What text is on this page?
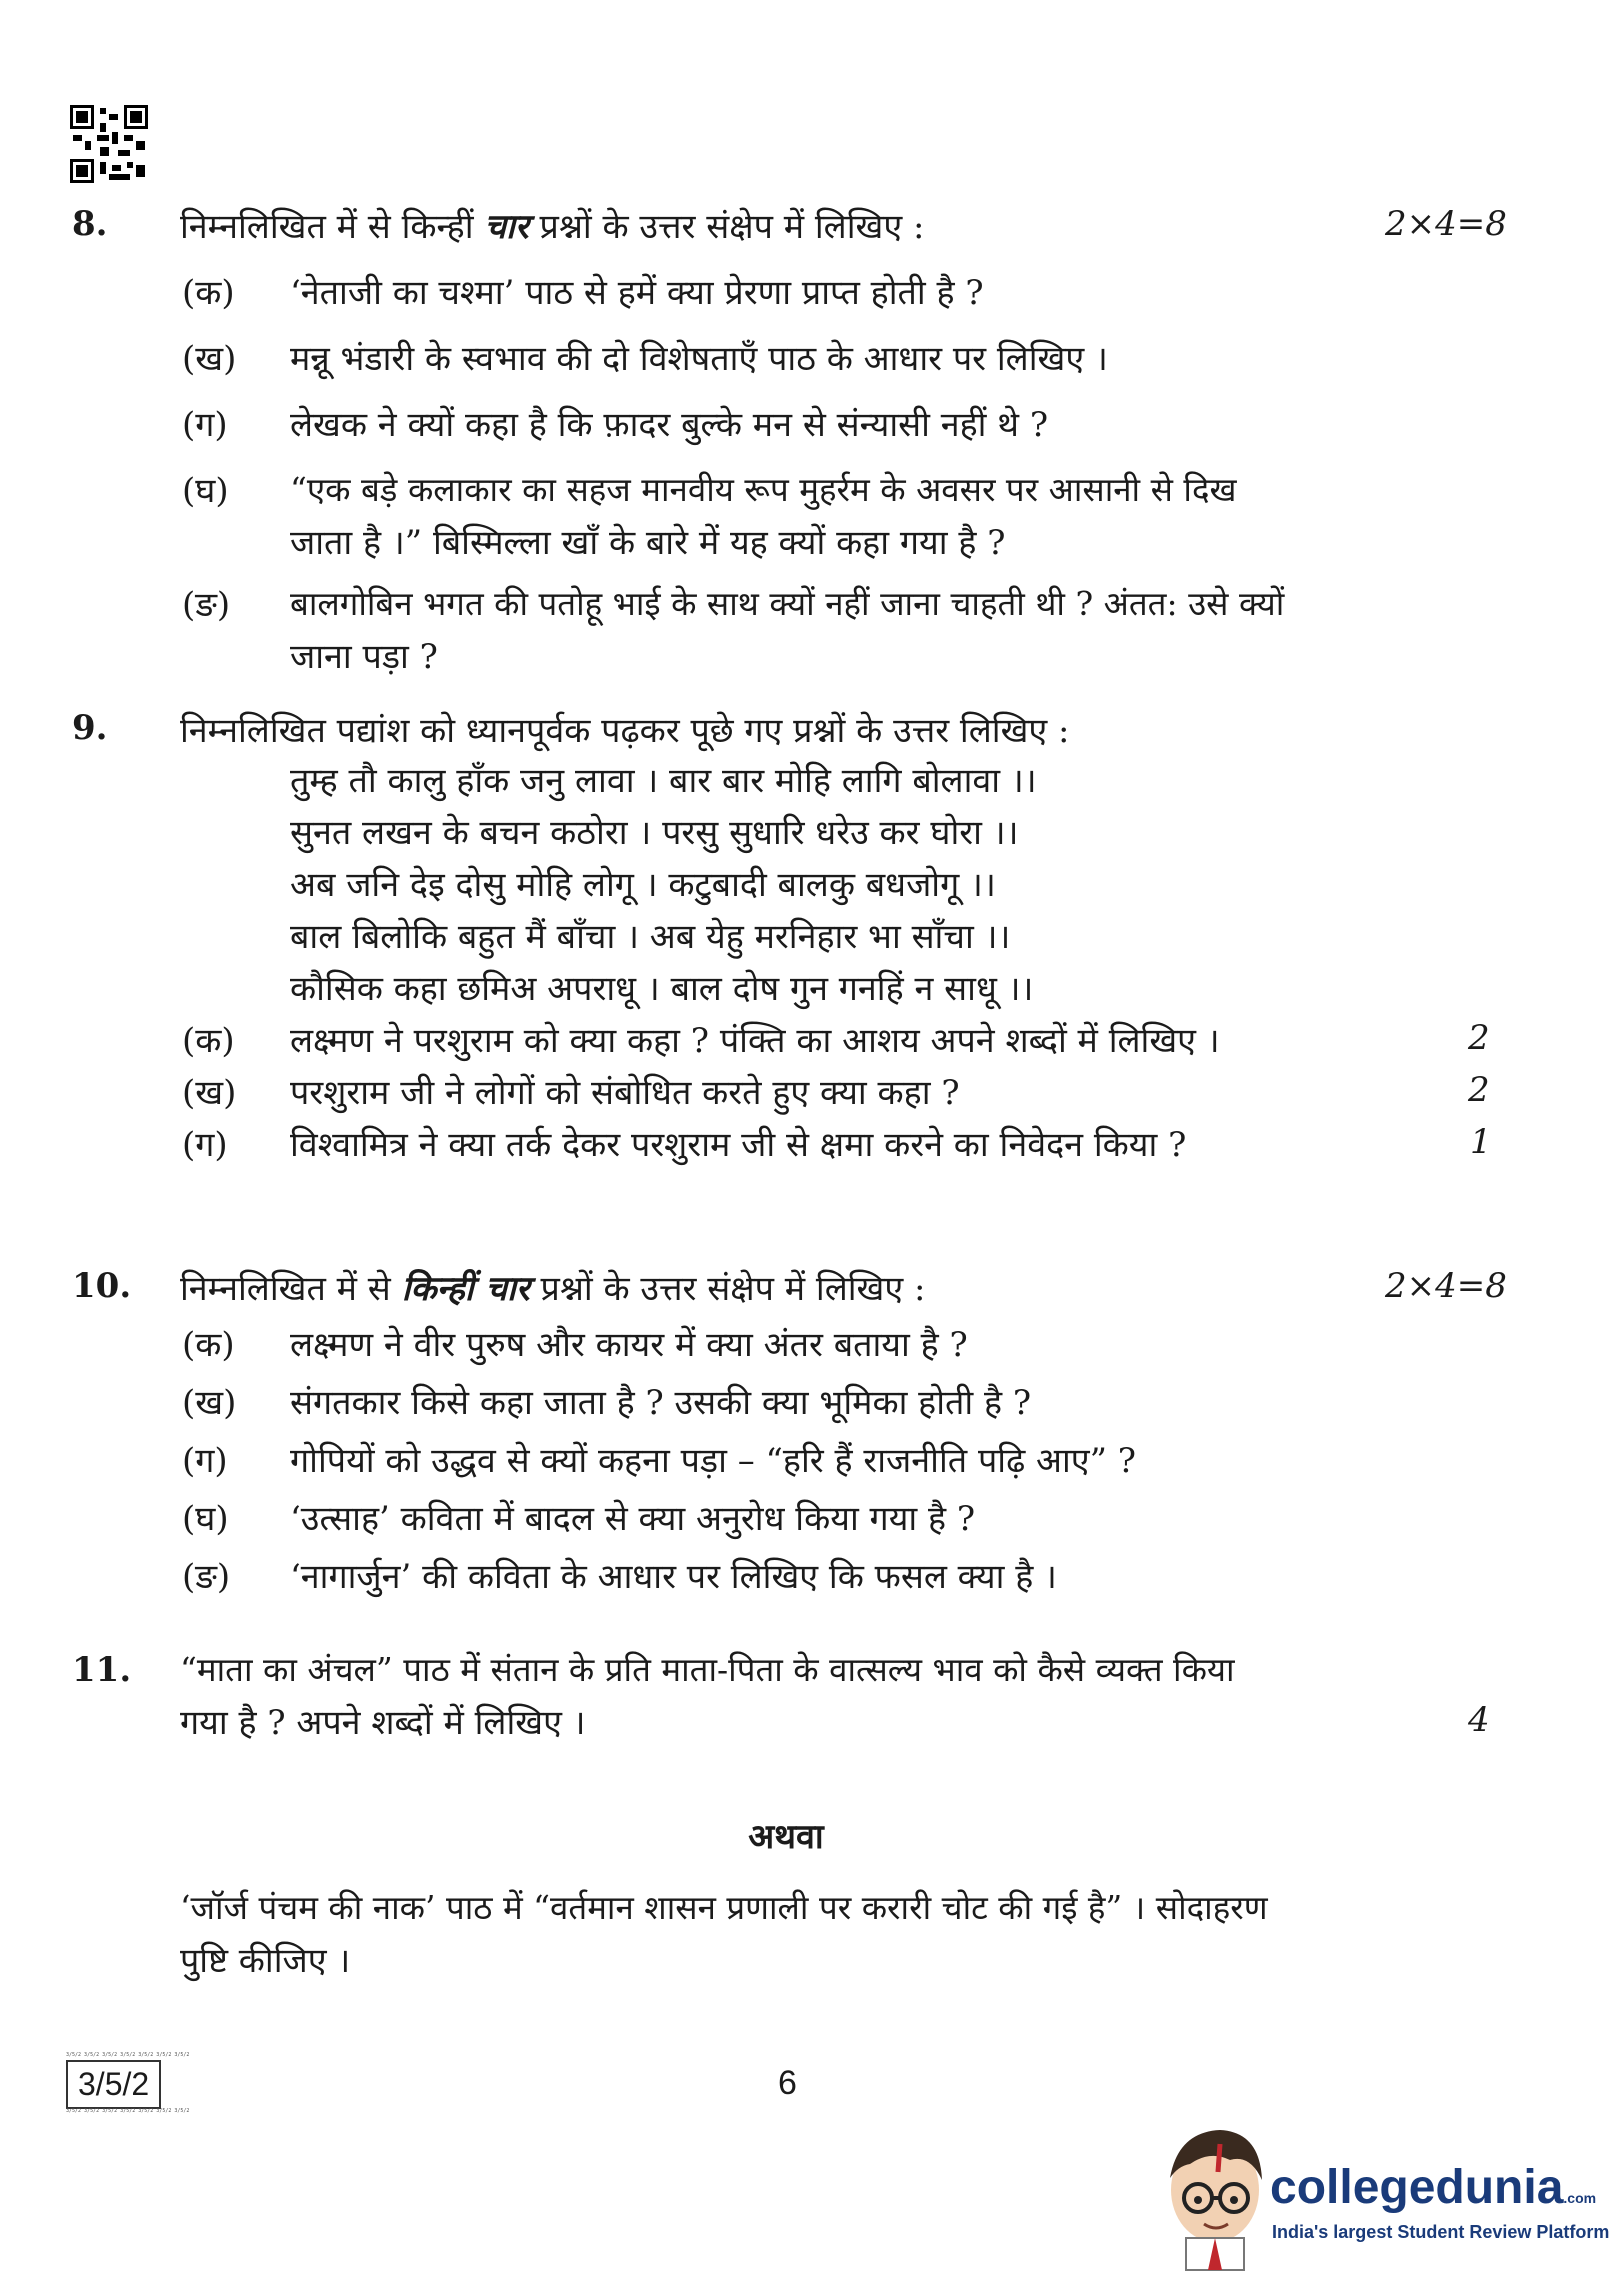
8. निम्नलिखित में से किन्हीं चार प्रश्नों के उत्तर संक्षेप में लिखिए :	2×4=8
(क) ‘नेताजी का चश्मा’ पाठ से हमें क्या प्रेरणा प्राप्त होती है ?
(ख) मन्नू भंडारी के स्वभाव की दो विशेषताएँ पाठ के आधार पर लिखिए ।
(ग) लेखक ने क्यों कहा है कि फ़ादर बुल्के मन से संन्यासी नहीं थे ?
(घ) “एक बड़े कलाकार का सहज मानवीय रूप मुहर्रम के अवसर पर आसानी से दिख
जाता है ।” बिस्मिल्ला खाँ के बारे में यह क्यों कहा गया है ?
(ङ) बालगोबिन भगत की पतोहू भाई के साथ क्यों नहीं जाना चाहती थी ? अंतत: उसे क्यों
जाना पड़ा ?
9. निम्नलिखित पद्यांश को ध्यानपूर्वक पढ़कर पूछे गए प्रश्नों के उत्तर लिखिए :
तुम्ह तौ कालु हाँक जनु लावा । बार बार मोहि लागि बोलावा ।।
सुनत लखन के बचन कठोरा । परसु सुधारि धरेउ कर घोरा ।।
अब जनि देइ दोसु मोहि लोगू । कटुबादी बालकु बधजोगू ।।
बाल बिलोकि बहुत मैं बाँचा । अब येहु मरनिहार भा साँचा ।।
कौसिक कहा छमिअ अपराधू । बाल दोष गुन गनहिं न साधू ।।
(क) लक्ष्मण ने परशुराम को क्या कहा ? पंक्ति का आशय अपने शब्दों में लिखिए ।	2
(ख) परशुराम जी ने लोगों को संबोधित करते हुए क्या कहा ?	2
(ग) विश्वामित्र ने क्या तर्क देकर परशुराम जी से क्षमा करने का निवेदन किया ?	1
10. निम्नलिखित में से किन्हीं चार प्रश्नों के उत्तर संक्षेप में लिखिए :	2×4=8
(क) लक्ष्मण ने वीर पुरुष और कायर में क्या अंतर बताया है ?
(ख) संगतकार किसे कहा जाता है ? उसकी क्या भूमिका होती है ?
(ग) गोपियों को उद्धव से क्यों कहना पड़ा – “हरि हैं राजनीति पढ़ि आए” ?
(घ) ‘उत्साह’ कविता में बादल से क्या अनुरोध किया गया है ?
(ङ) ‘नागार्जुन’ की कविता के आधार पर लिखिए कि फसल क्या है ।
11. “माता का अंचल” पाठ में संतान के प्रति माता-पिता के वात्सल्य भाव को कैसे व्यक्त किया
गया है ? अपने शब्दों में लिखिए ।	4
अथवा
‘जॉर्ज पंचम की नाक’ पाठ में “वर्तमान शासन प्रणाली पर करारी चोट की गई है” । सोदाहरण
पुष्टि कीजिए ।
3/5/2 3/5/2 3/5/2 3/5/2 3/5/2 3/5/2 3/5/2
3/5/2
3/5/2 3/5/2 3/5/2 3/5/2 3/5/2 3/5/2 3/5/2
6
collegedunia.com
India's largest Student Review Platform
